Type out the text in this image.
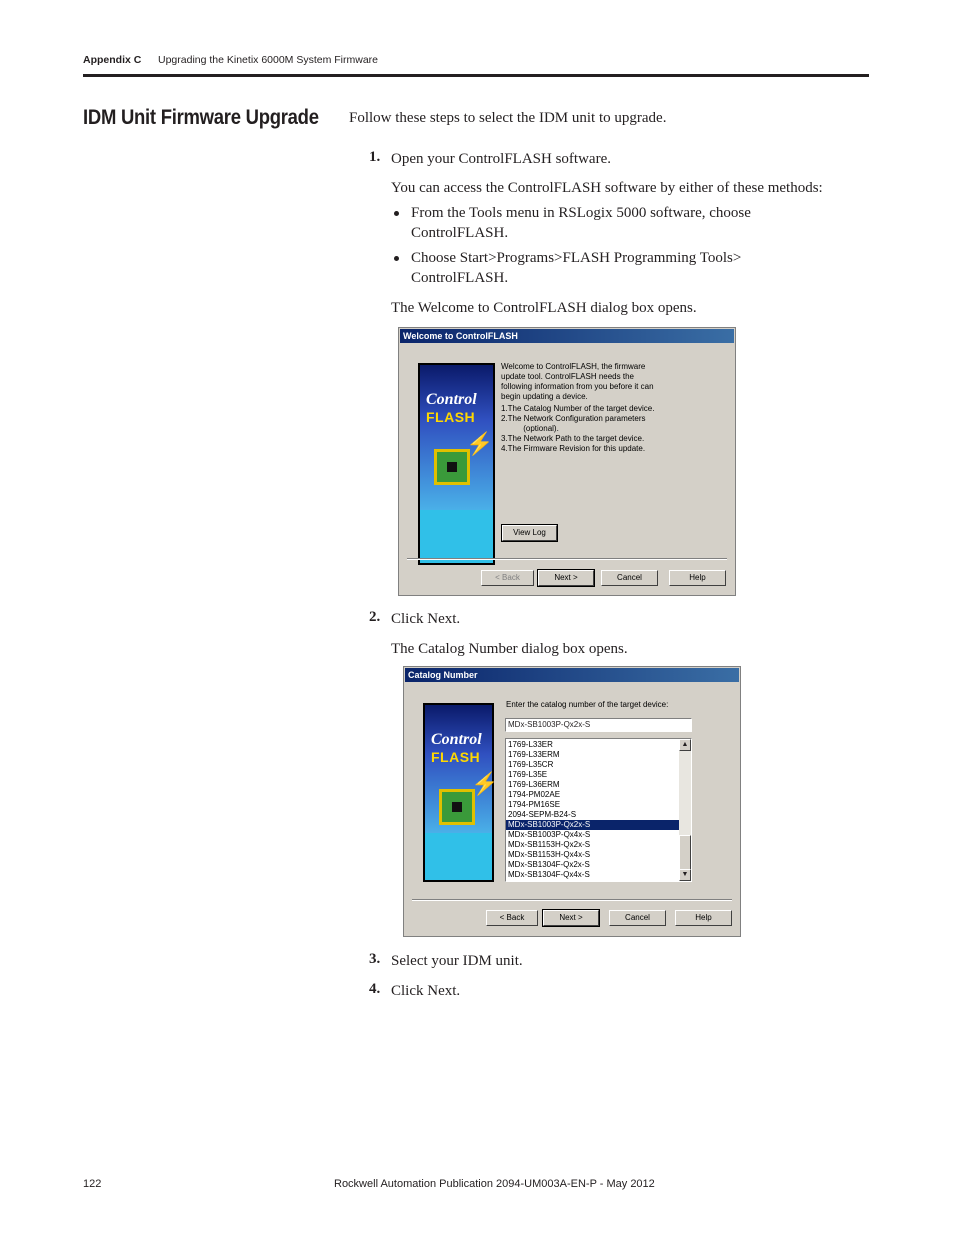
Appendix C Upgrading the Kinetix 6000M System Firmware
IDM Unit Firmware Upgrade Follow these steps to select the IDM unit to upgrade.
1. Open your ControlFLASH software.
You can access the ControlFLASH software by either of these methods:
From the Tools menu in RSLogix 5000 software, choose
ControlFLASH.
Choose Start>Programs>FLASH Programming Tools>
ControlFLASH.
The Welcome to ControlFLASH dialog box opens.
Welcome to ControlFLASH
Control
FLASH
⚡
Welcome to ControlFLASH, the firmware
update tool. ControlFLASH needs the
following information from you before it can
begin updating a device.
1.The Catalog Number of the target device.
2.The Network Configuration parameters
(optional).
3.The Network Path to the target device.
4.The Firmware Revision for this update.
View Log
< Back	Next >	Cancel	Help
2. Click Next.
The Catalog Number dialog box opens.
Catalog Number
Control
FLASH
⚡
Enter the catalog number of the target device:
MDx-SB1003P-Qx2x-S
1769-L33ER
1769-L33ERM
1769-L35CR
1769-L35E
1769-L36ERM
1794-PM02AE
1794-PM16SE
2094-SEPM-B24-S
MDx-SB1003P-Qx2x-S
MDx-SB1003P-Qx4x-S
MDx-SB1153H-Qx2x-S
MDx-SB1153H-Qx4x-S
MDx-SB1304F-Qx2x-S
MDx-SB1304F-Qx4x-S
▲
▼
< Back	Next >	Cancel	Help
3. Select your IDM unit.
4. Click Next.
122	Rockwell Automation Publication 2094-UM003A-EN-P - May 2012
